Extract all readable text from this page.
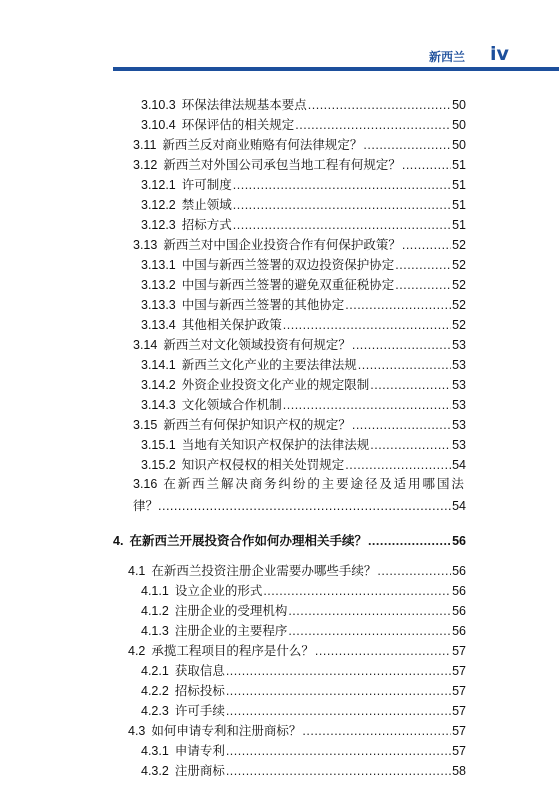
新西兰 iv
3.10.3 环保法律法规基本要点 .....	50
3.10.4 环保评估的相关规定 .....	50
3.11 新西兰反对商业贿赂有何法律规定？ .....	50
3.12 新西兰对外国公司承包当地工程有何规定？ .....	51
3.12.1 许可制度 .....	51
3.12.2 禁止领域 .....	51
3.12.3 招标方式 .....	51
3.13 新西兰对中国企业投资合作有何保护政策？ .....	52
3.13.1 中国与新西兰签署的双边投资保护协定 .....	52
3.13.2 中国与新西兰签署的避免双重征税协定 .....	52
3.13.3 中国与新西兰签署的其他协定 .....	52
3.13.4 其他相关保护政策 .....	52
3.14 新西兰对文化领域投资有何规定？ .....	53
3.14.1 新西兰文化产业的主要法律法规 .....	53
3.14.2 外资企业投资文化产业的规定限制 .....	53
3.14.3 文化领域合作机制 .....	53
3.15 新西兰有何保护知识产权的规定？ .....	53
3.15.1 当地有关知识产权保护的法律法规 .....	53
3.15.2 知识产权侵权的相关处罚规定 .....	54
3.16 在新西兰解决商务纠纷的主要途径及适用哪国法
律？ .....	54
4. 在新西兰开展投资合作如何办理相关手续？ .....	56
4.1 在新西兰投资注册企业需要办哪些手续？ .....	56
4.1.1 设立企业的形式 .....	56
4.1.2 注册企业的受理机构 .....	56
4.1.3 注册企业的主要程序 .....	56
4.2 承揽工程项目的程序是什么？ .....	57
4.2.1 获取信息 .....	57
4.2.2 招标投标 .....	57
4.2.3 许可手续 .....	57
4.3 如何申请专利和注册商标？ .....	57
4.3.1 申请专利 .....	57
4.3.2 注册商标 .....	58
